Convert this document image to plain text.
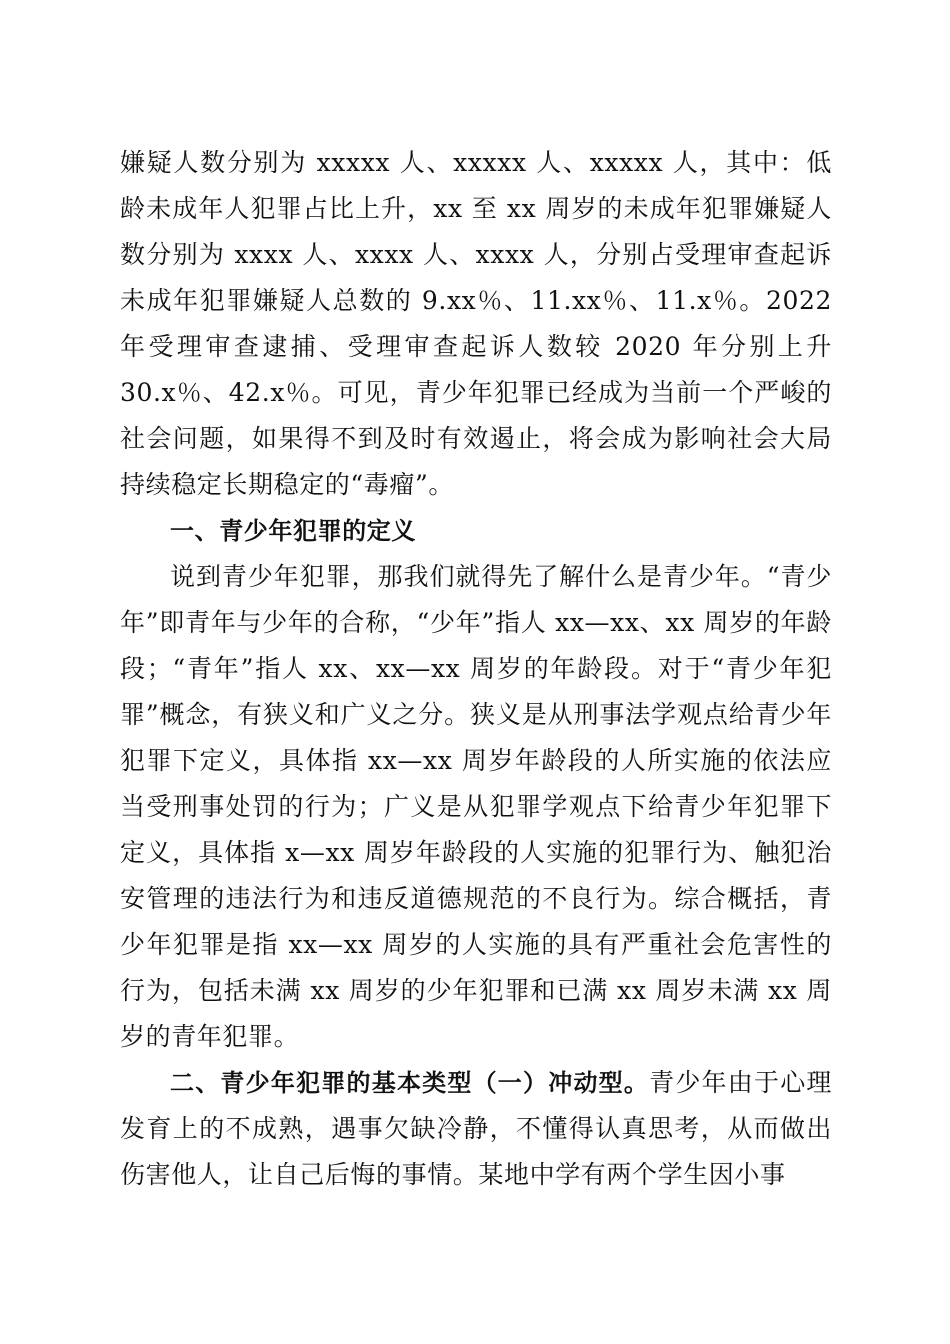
嫌疑人数分别为 xxxxx 人、xxxxx 人、xxxxx 人，其中：低龄未成年人犯罪占比上升，xx 至 xx 周岁的未成年犯罪嫌疑人数分别为 xxxx 人、xxxx 人、xxxx 人，分别占受理审查起诉未成年犯罪嫌疑人总数的 9.xx％、11.xx％、11.x％。2022 年受理审查逮捕、受理审查起诉人数较 2020 年分别上升 30.x％、42.x％。可见，青少年犯罪已经成为当前一个严峻的社会问题，如果得不到及时有效遏止，将会成为影响社会大局持续稳定长期稳定的“毒瘤”。

一、青少年犯罪的定义

说到青少年犯罪，那我们就得先了解什么是青少年。“青少年”即青年与少年的合称，“少年”指人 xx—xx、xx 周岁的年龄段；“青年”指人 xx、xx—xx 周岁的年龄段。对于“青少年犯罪”概念，有狭义和广义之分。狭义是从刑事法学观点给青少年犯罪下定义，具体指 xx—xx 周岁年龄段的人所实施的依法应当受刑事处罚的行为；广义是从犯罪学观点下给青少年犯罪下定义，具体指 x—xx 周岁年龄段的人实施的犯罪行为、触犯治安管理的违法行为和违反道德规范的不良行为。综合概括，青少年犯罪是指 xx—xx 周岁的人实施的具有严重社会危害性的行为，包括未满 xx 周岁的少年犯罪和已满 xx 周岁未满 xx 周岁的青年犯罪。

二、青少年犯罪的基本类型（一）冲动型。青少年由于心理发育上的不成熟，遇事欠缺冷静，不懂得认真思考，从而做出伤害他人，让自己后悔的事情。某地中学有两个学生因小事
